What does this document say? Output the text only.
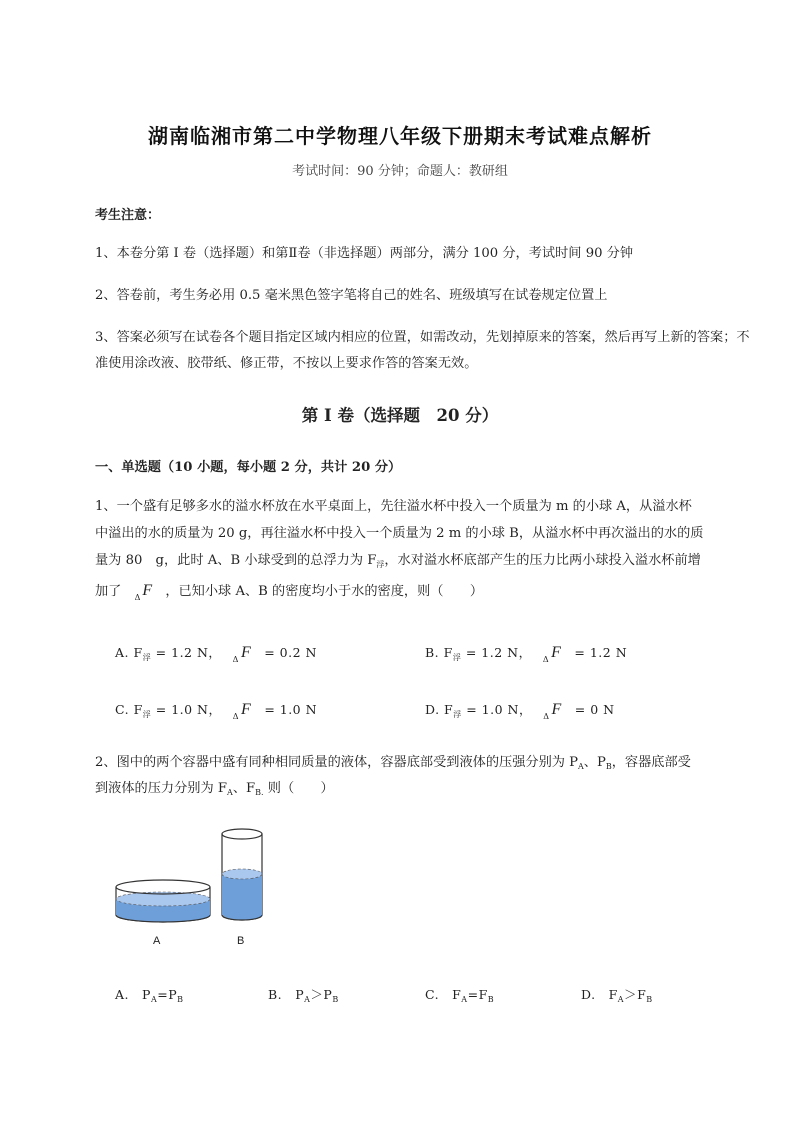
湖南临湘市第二中学物理八年级下册期末考试难点解析
考试时间：90 分钟；命题人：教研组
考生注意：
1、本卷分第 I 卷（选择题）和第Ⅱ卷（非选择题）两部分，满分 100 分，考试时间 90 分钟
2、答卷前，考生务必用 0.5 毫米黑色签字笔将自己的姓名、班级填写在试卷规定位置上
3、答案必须写在试卷各个题目指定区域内相应的位置，如需改动，先划掉原来的答案，然后再写上新的答案；不准使用涂改液、胶带纸、修正带，不按以上要求作答的答案无效。
第 I 卷（选择题　20 分）
一、单选题（10 小题，每小题 2 分，共计 20 分）
1、一个盛有足够多水的溢水杯放在水平桌面上，先往溢水杯中投入一个质量为 m 的小球 A，从溢水杯
中溢出的水的质量为 20 g，再往溢水杯中投入一个质量为 2 m 的小球 B，从溢水杯中再次溢出的水的质
量为 80　g，此时 A、B 小球受到的总浮力为 $F_浮$，水对溢水杯底部产生的压力比两小球投入溢水杯前增
加了　 $_\Delta$ F　 ，已知小球 A、B 的密度均小于水的密度，则（　　）
A. $F_浮 = 1.2$ N，　 $_\Delta$ F　 = 0.2 N	B. $F_浮 = 1.2$ N，　 $_\Delta$ F　 = 1.2 N
C. $F_浮 = 1.0$ N，　 $_\Delta$ F　 = 1.0 N	D. $F_浮 = 1.0$ N，　 $_\Delta$ F　 = 0 N
2、图中的两个容器中盛有同种相同质量的液体，容器底部受到液体的压强分别为 $P_A$、$P_B$，容器底部受
到液体的压力分别为 $F_A$、$F_{B.}$ 则（　　）
A	B
A.　 $P_A=P_B$	B.　 $P_A>P_B$	C.　 $F_A=F_B$	D.　 $F_A>F_B$
